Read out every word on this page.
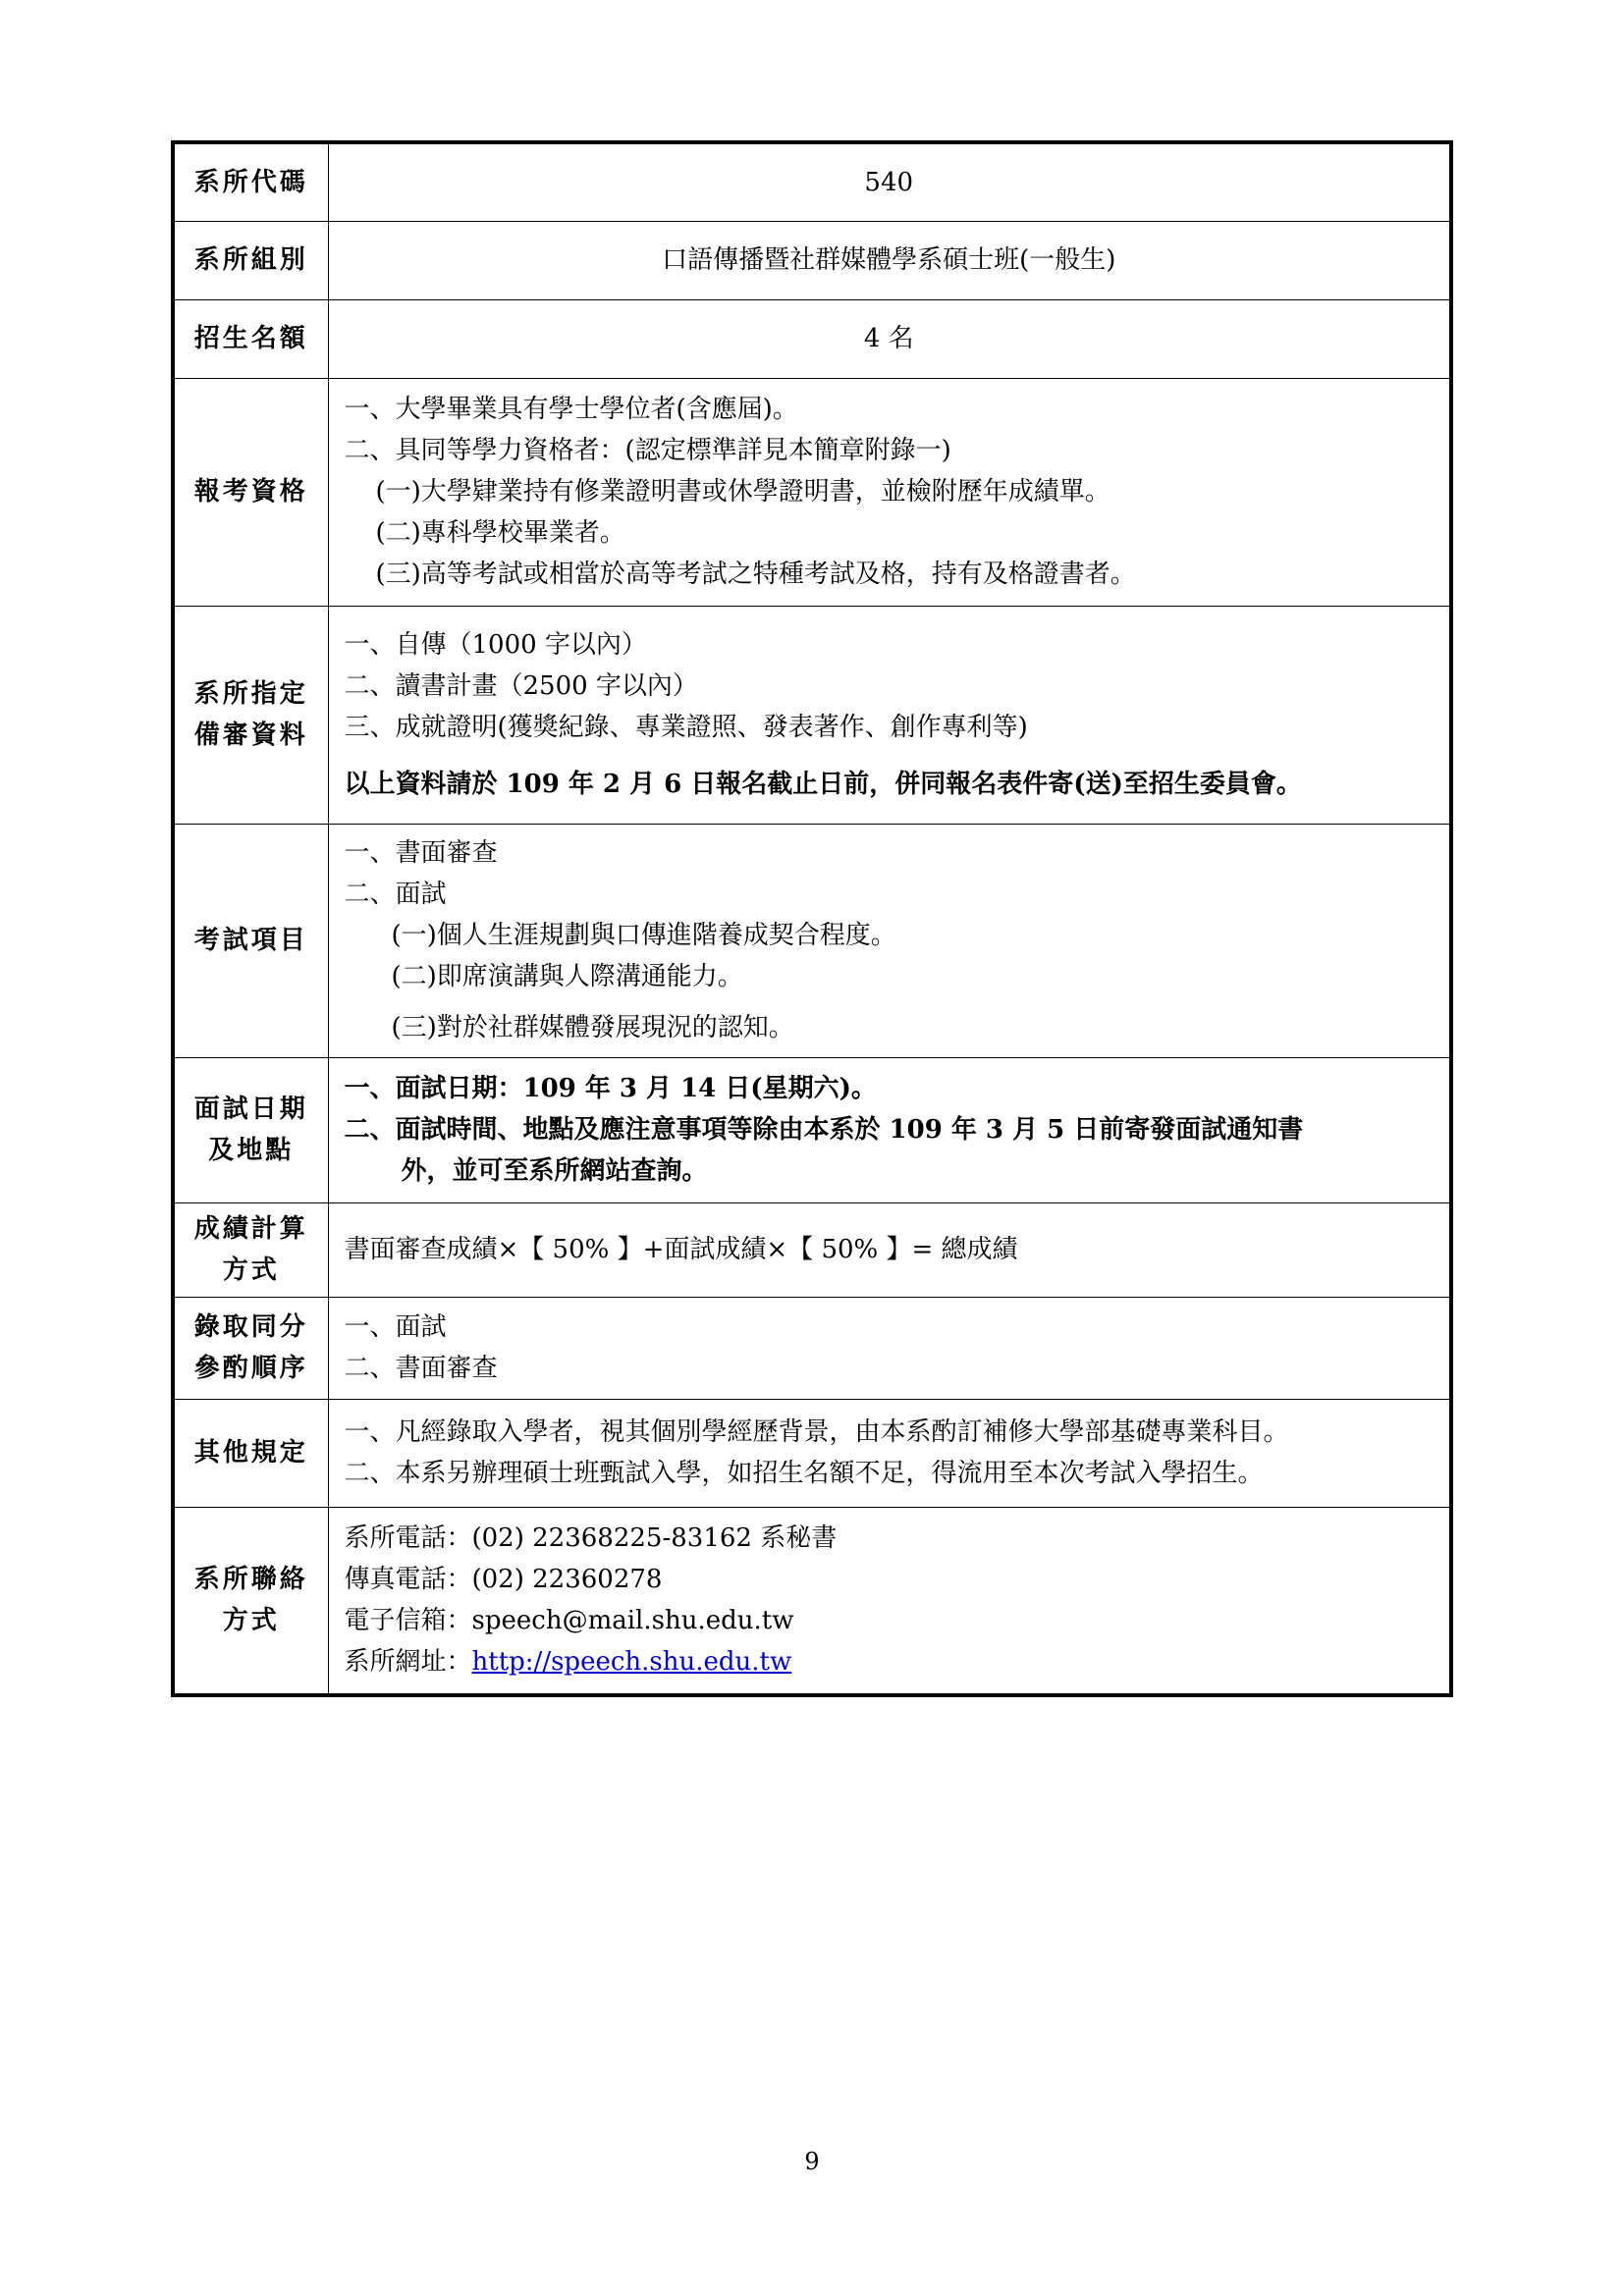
系所代碼	540
系所組別	口語傳播暨社群媒體學系碩士班(一般生)
招生名額	4 名
報考資格	一、大學畢業具有學士學位者(含應屆)。
二、具同等學力資格者：(認定標準詳見本簡章附錄一)
(一)大學肄業持有修業證明書或休學證明書，並檢附歷年成績單。
(二)專科學校畢業者。
(三)高等考試或相當於高等考試之特種考試及格，持有及格證書者。

系所指定
備審資料	一、自傳（1000 字以內）
二、讀書計畫（2500 字以內）
三、成就證明(獲獎紀錄、專業證照、發表著作、創作專利等)
以上資料請於 109 年 2 月 6 日報名截止日前，併同報名表件寄(送)至招生委員會。

考試項目	一、書面審查
二、面試
(一)個人生涯規劃與口傳進階養成契合程度。
(二)即席演講與人際溝通能力。
(三)對於社群媒體發展現況的認知。

面試日期
及地點	一、面試日期：109 年 3 月 14 日(星期六)。
二、面試時間、地點及應注意事項等除由本系於 109 年 3 月 5 日前寄發面試通知書
外，並可至系所網站查詢。

成績計算
方式	書面審查成績×【 50% 】+面試成績×【 50% 】= 總成績

錄取同分
參酌順序	一、面試
二、書面審查

其他規定	一、凡經錄取入學者，視其個別學經歷背景，由本系酌訂補修大學部基礎專業科目。
二、本系另辦理碩士班甄試入學，如招生名額不足，得流用至本次考試入學招生。

系所聯絡
方式	系所電話：(02) 22368225-83162 系秘書
傳真電話：(02) 22360278
電子信箱：speech@mail.shu.edu.tw
系所網址：http://speech.shu.edu.tw
9
